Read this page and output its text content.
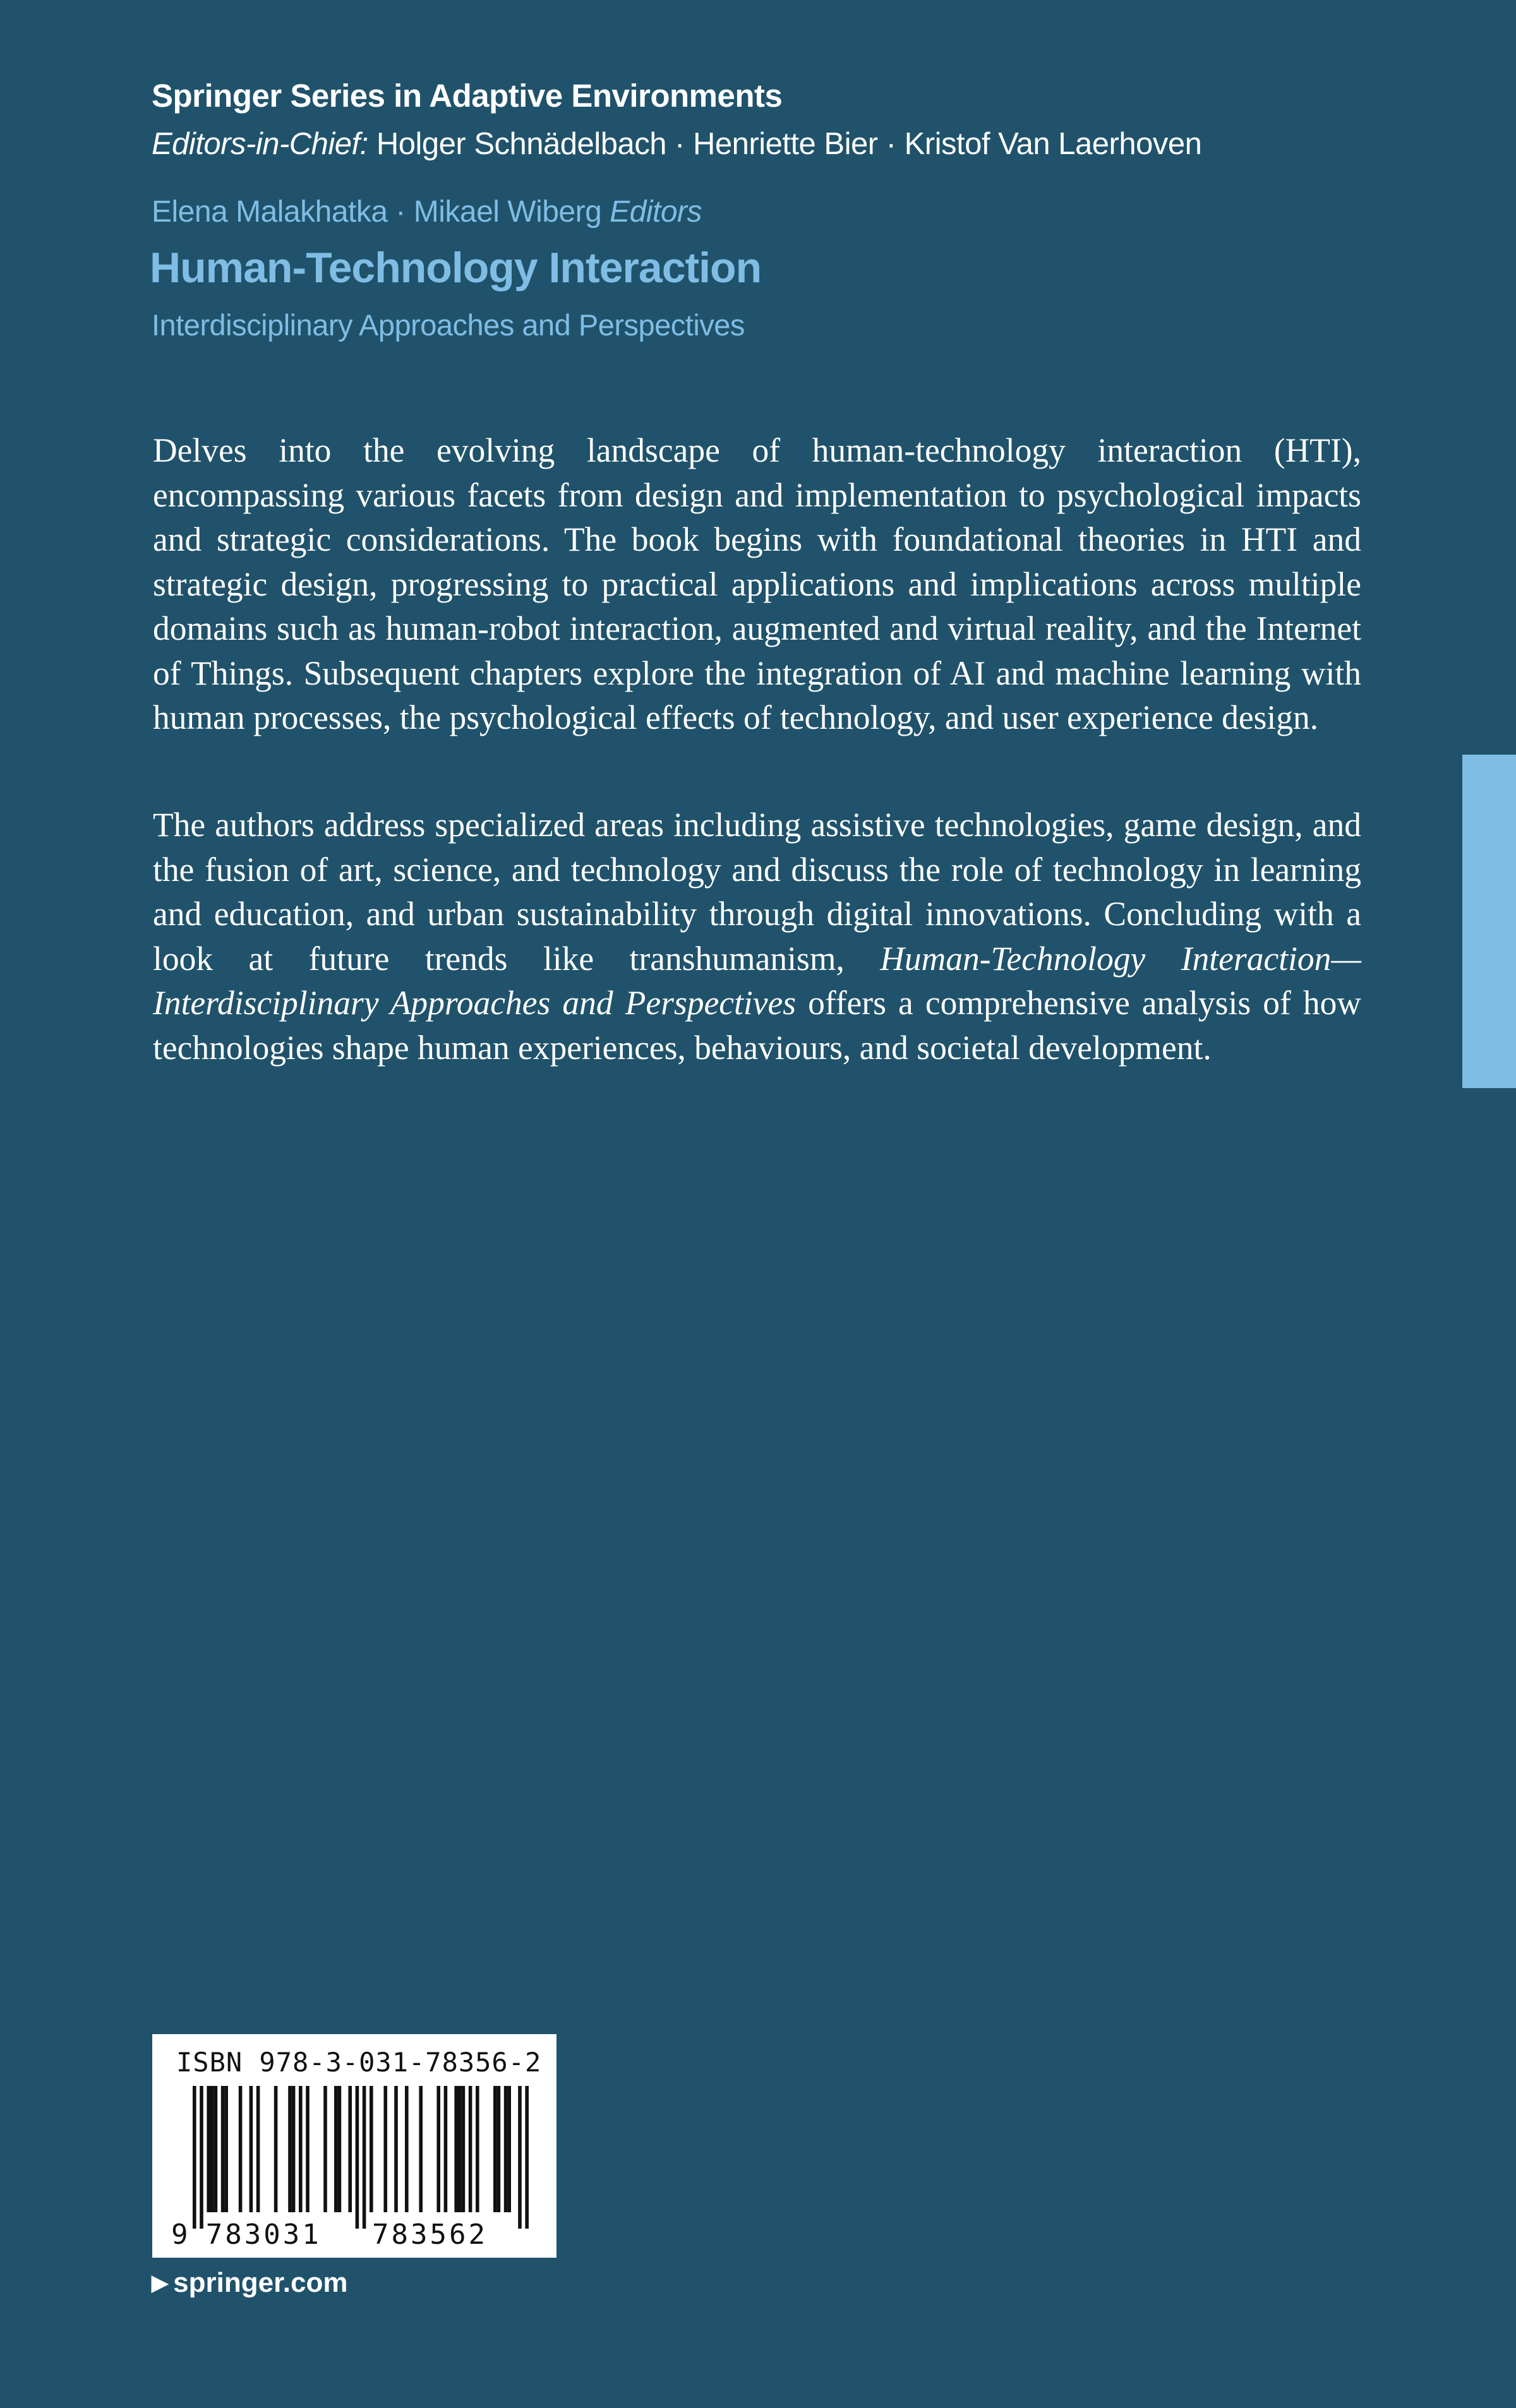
Springer Series in Adaptive Environments
Editors-in-Chief: Holger Schnädelbach · Henriette Bier · Kristof Van Laerhoven
Elena Malakhatka · Mikael Wiberg Editors
Human-Technology Interaction
Interdisciplinary Approaches and Perspectives

Delves into the evolving landscape of human-technology interaction (HTI), encompassing various facets from design and implementation to psychological impacts and strategic considerations. The book begins with foundational theories in HTI and strategic design, progressing to practical applications and implications across multiple domains such as human-robot interaction, augmented and virtual reality, and the Internet of Things. Subsequent chapters explore the integration of AI and machine learning with human processes, the psychological effects of technology, and user experience design.

The authors address specialized areas including assistive technologies, game design, and the fusion of art, science, and technology and discuss the role of technology in learning and education, and urban sustainability through digital innovations. Concluding with a look at future trends like transhumanism, Human-Technology Interaction—Interdisciplinary Approaches and Perspectives offers a comprehensive analysis of how technologies shape human experiences, behaviours, and societal development.

ISBN 978-3-031-78356-2
9 783031 783562
▶ springer.com
